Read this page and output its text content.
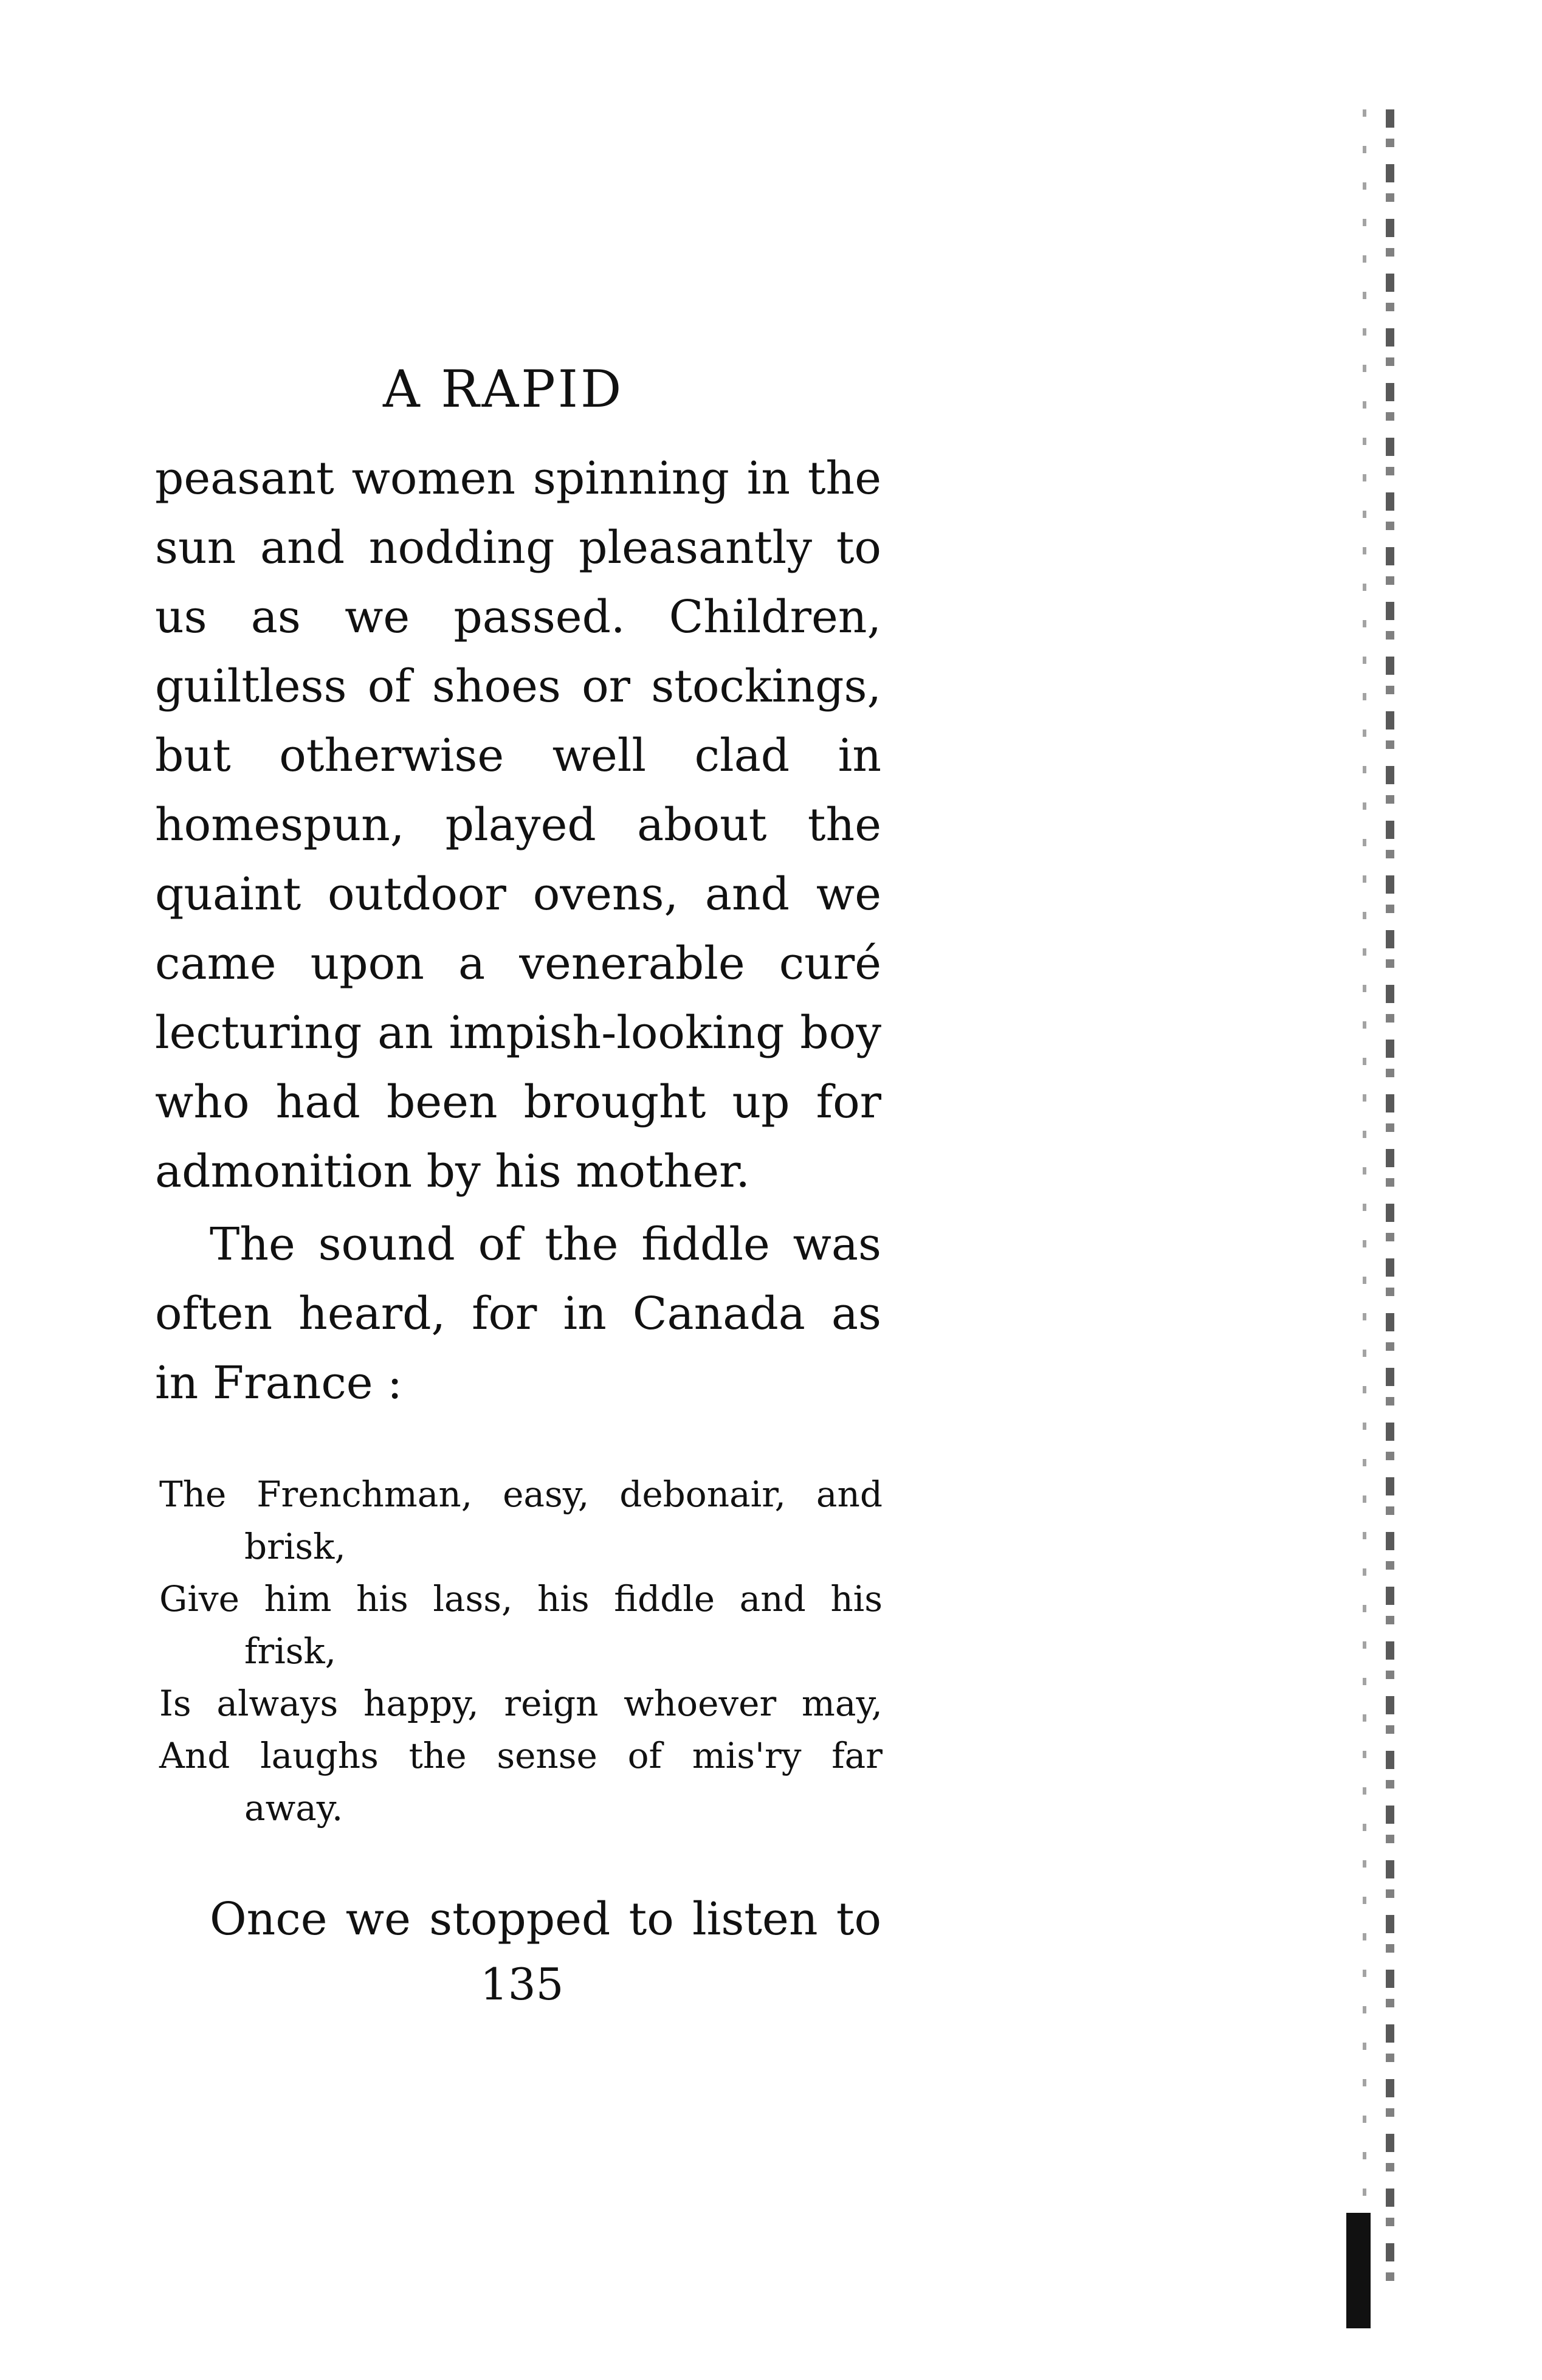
A RAPID
peasant women spinning in the
sun and nodding pleasantly to
us as we passed. Children,
guiltless of shoes or stockings,
but otherwise well clad in
homespun, played about the
quaint outdoor ovens, and we
came upon a venerable curé
lecturing an impish-looking boy
who had been brought up for
admonition by his mother.
The sound of the fiddle was
often heard, for in Canada as
in France :
The Frenchman, easy, debonair, and
brisk,
Give him his lass, his fiddle and his
frisk,
Is always happy, reign whoever may,
And laughs the sense of mis'ry far
away.
Once we stopped to listen to
135
